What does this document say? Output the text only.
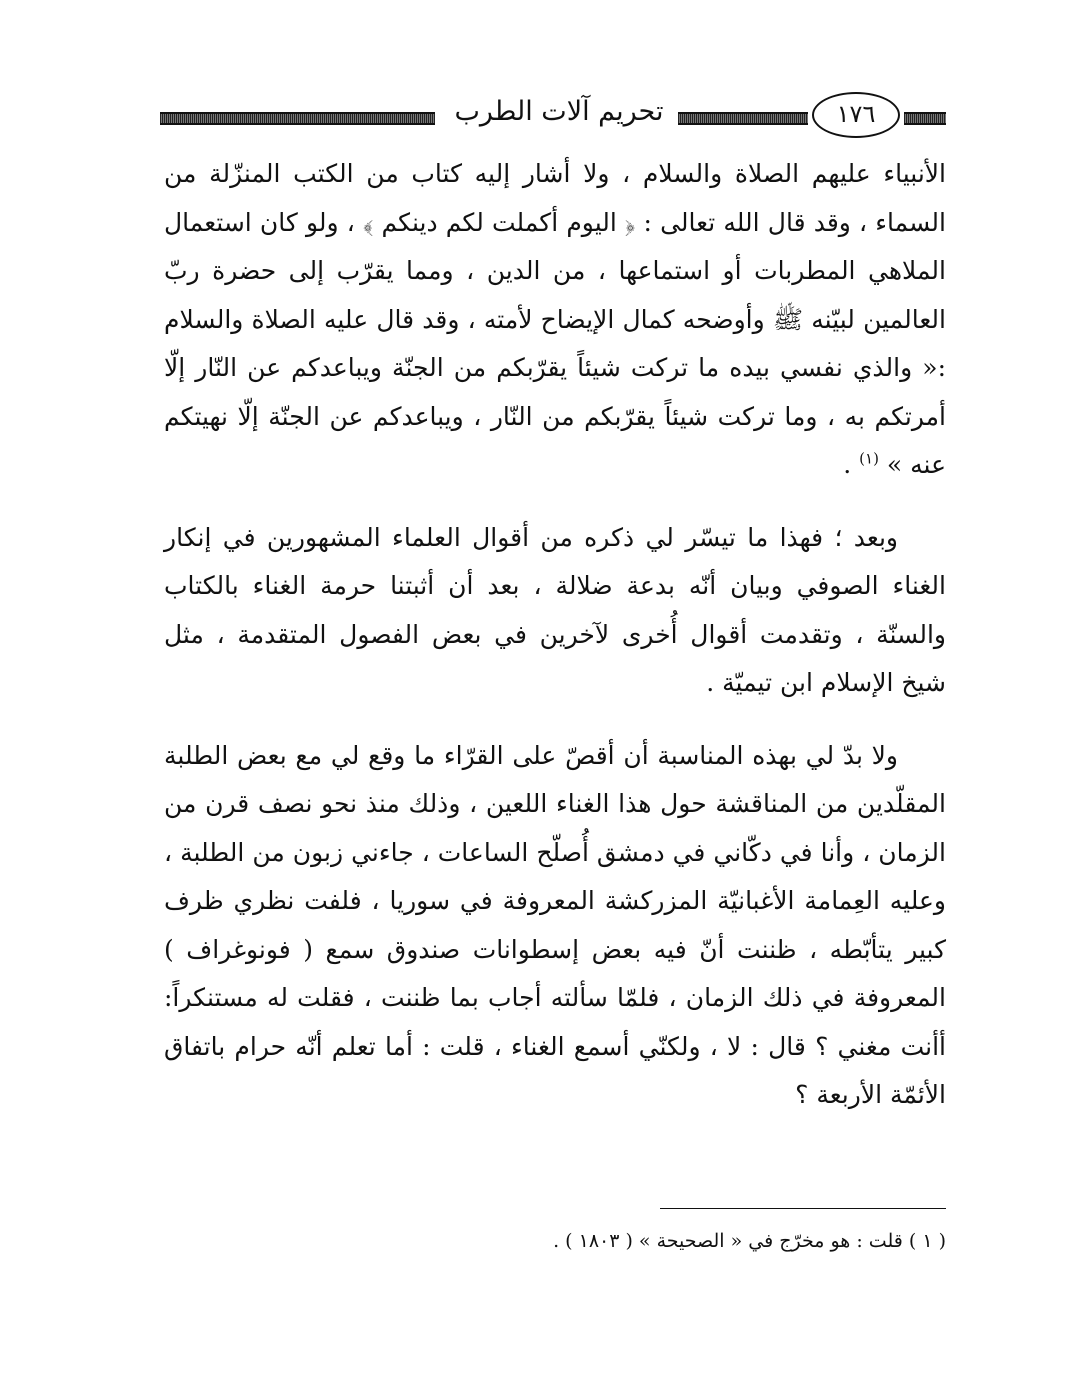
تحريم آلات الطرب	١٧٦

الأنبياء عليهم الصلاة والسلام ، ولا أشار إليه كتاب من الكتب المنزّلة من السماء ، وقد قال الله تعالى : ﴿ اليوم أكملت لكم دينكم ﴾ ، ولو كان استعمال الملاهي المطربات أو استماعها ، من الدين ، ومما يقرّب إلى حضرة ربّ العالمين لبيّنه ﷺ وأوضحه كمال الإيضاح لأمته ، وقد قال عليه الصلاة والسلام :« والذي نفسي بيده ما تركت شيئاً يقرّبكم من الجنّة ويباعدكم عن النّار إلّا أمرتكم به ، وما تركت شيئاً يقرّبكم من النّار ، ويباعدكم عن الجنّة إلّا نهيتكم عنه » $^{(١)}$ .

وبعد ؛ فهذا ما تيسّر لي ذكره من أقوال العلماء المشهورين في إنكار الغناء الصوفي وبيان أنّه بدعة ضلالة ، بعد أن أثبتنا حرمة الغناء بالكتاب والسنّة ، وتقدمت أقوال أُخرى لآخرين في بعض الفصول المتقدمة ، مثل شيخ الإسلام ابن تيميّة .

ولا بدّ لي بهذه المناسبة أن أقصّ على القرّاء ما وقع لي مع بعض الطلبة المقلّدين من المناقشة حول هذا الغناء اللعين ، وذلك منذ نحو نصف قرن من الزمان ، وأنا في دكّاني في دمشق أُصلّح الساعات ، جاءني زبون من الطلبة ، وعليه العِمامة الأغبانيّة المزركشة المعروفة في سوريا ، فلفت نظري ظرف كبير يتأبّطه ، ظننت أنّ فيه بعض إسطوانات صندوق سمع ( فونوغراف ) المعروفة في ذلك الزمان ، فلمّا سألته أجاب بما ظننت ، فقلت له مستنكراً: أأنت مغني ؟ قال : لا ، ولكنّي أسمع الغناء ، قلت : أما تعلم أنّه حرام باتفاق الأئمّة الأربعة ؟

( ١ ) قلت : هو مخرّج في « الصحيحة » ( ١٨٠٣ ) .
